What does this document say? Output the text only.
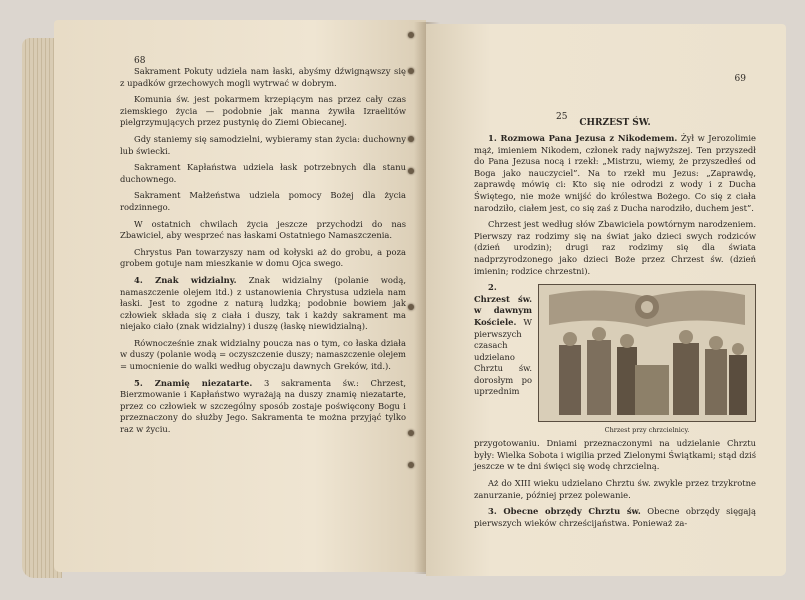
68

Sakrament Pokuty udziela nam łaski, abyśmy dźwignąwszy się z upadków grzechowych mogli wytrwać w dobrym.

Komunia św. jest pokarmem krzepiącym nas przez cały czas ziemskiego życia — podobnie jak manna żywiła Izraelitów pielgrzymujących przez pustynię do Ziemi Obiecanej.

Gdy staniemy się samodzielni, wybieramy stan życia: duchowny lub świecki.

Sakrament Kapłaństwa udziela łask potrzebnych dla stanu duchownego.

Sakrament Małżeństwa udziela pomocy Bożej dla życia rodzinnego.

W ostatnich chwilach życia jeszcze przychodzi do nas Zbawiciel, aby wesprzeć nas łaskami Ostatniego Namaszczenia.

Chrystus Pan towarzyszy nam od kołyski aż do grobu, a poza grobem gotuje nam mieszkanie w domu Ojca swego.

4. Znak widzialny. Znak widzialny (polanie wodą, namaszczenie olejem itd.) z ustanowienia Chrystusa udziela nam łaski. Jest to zgodne z naturą ludzką; podobnie bowiem jak człowiek składa się z ciała i duszy, tak i każdy sakrament ma niejako ciało (znak widzialny) i duszę (łaskę niewidzialną).

Równocześnie znak widzialny poucza nas o tym, co łaska działa w duszy (polanie wodą = oczyszczenie duszy; namaszczenie olejem = umocnienie do walki według obyczaju dawnych Greków, itd.).

5. Znamię niezatarte. 3 sakramenta św.: Chrzest, Bierzmowanie i Kapłaństwo wyrażają na duszy znamię niezatarte, przez co człowiek w szczególny sposób zostaje poświęcony Bogu i przeznaczony do służby Jego. Sakramenta te można przyjąć tylko raz w życiu.

69
25
CHRZEST ŚW.

1. Rozmowa Pana Jezusa z Nikodemem. Żył w Jerozolimie mąż, imieniem Nikodem, członek rady najwyższej. Ten przyszedł do Pana Jezusa nocą i rzekł: „Mistrzu, wiemy, że przyszedłeś od Boga jako nauczyciel”. Na to rzekł mu Jezus: „Zaprawdę, zaprawdę mówię ci: Kto się nie odrodzi z wody i z Ducha Świętego, nie może wnijść do królestwa Bożego. Co się z ciała narodziło, ciałem jest, co się zaś z Ducha narodziło, duchem jest”.

Chrzest jest według słów Zbawiciela powtórnym narodzeniem. Pierwszy raz rodzimy się na świat jako dzieci swych rodziców (dzień urodzin); drugi raz rodzimy się dla świata nadprzyrodzonego jako dzieci Boże przez Chrzest św. (dzień imienin; rodzice chrzestni).

Chrzest przy chrzcielnicy.

2. Chrzest św. w dawnym Kościele. W pierwszych czasach udzielano Chrztu św. dorosłym po uprzednim przygotowaniu. Dniami przeznaczonymi na udzielanie Chrztu były: Wielka Sobota i wigilia przed Zielonymi Świątkami; stąd dziś jeszcze w te dni święci się wodę chrzcielną.

Aż do XIII wieku udzielano Chrztu św. zwykle przez trzykrotne zanurzanie, później przez polewanie.

3. Obecne obrzędy Chrztu św. Obecne obrzędy sięgają pierwszych wieków chrześcijaństwa. Ponieważ za-
